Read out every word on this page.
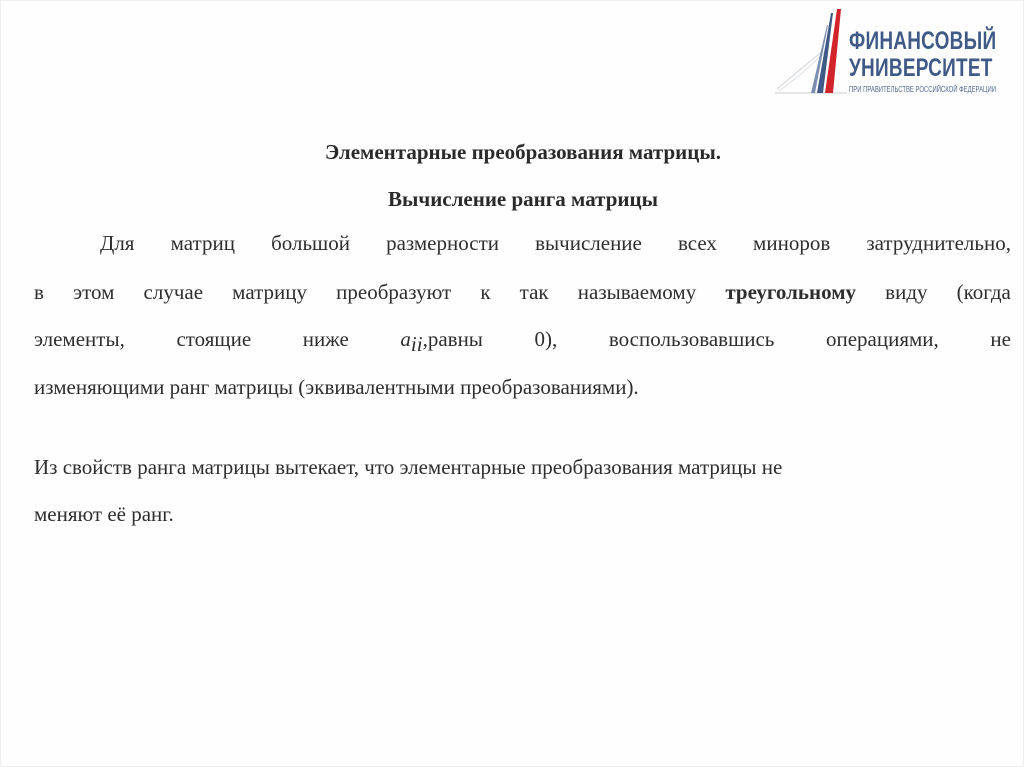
ФИНАНСОВЫЙ
УНИВЕРСИТЕТ
ПРИ ПРАВИТЕЛЬСТВЕ РОССИЙСКОЙ ФЕДЕРАЦИИ
Элементарные преобразования матрицы.
Вычисление ранга матрицы
Для матриц большой размерности вычисление всех миноров затруднительно,
в этом случае матрицу преобразуют к так называемому треугольному виду (когда
элементы, стоящие ниже $a_{ii},равны$ 0), воспользовавшись операциями, не
изменяющими ранг матрицы (эквивалентными преобразованиями).
Из свойств ранга матрицы вытекает, что элементарные преобразования матрицы не
меняют её ранг.
